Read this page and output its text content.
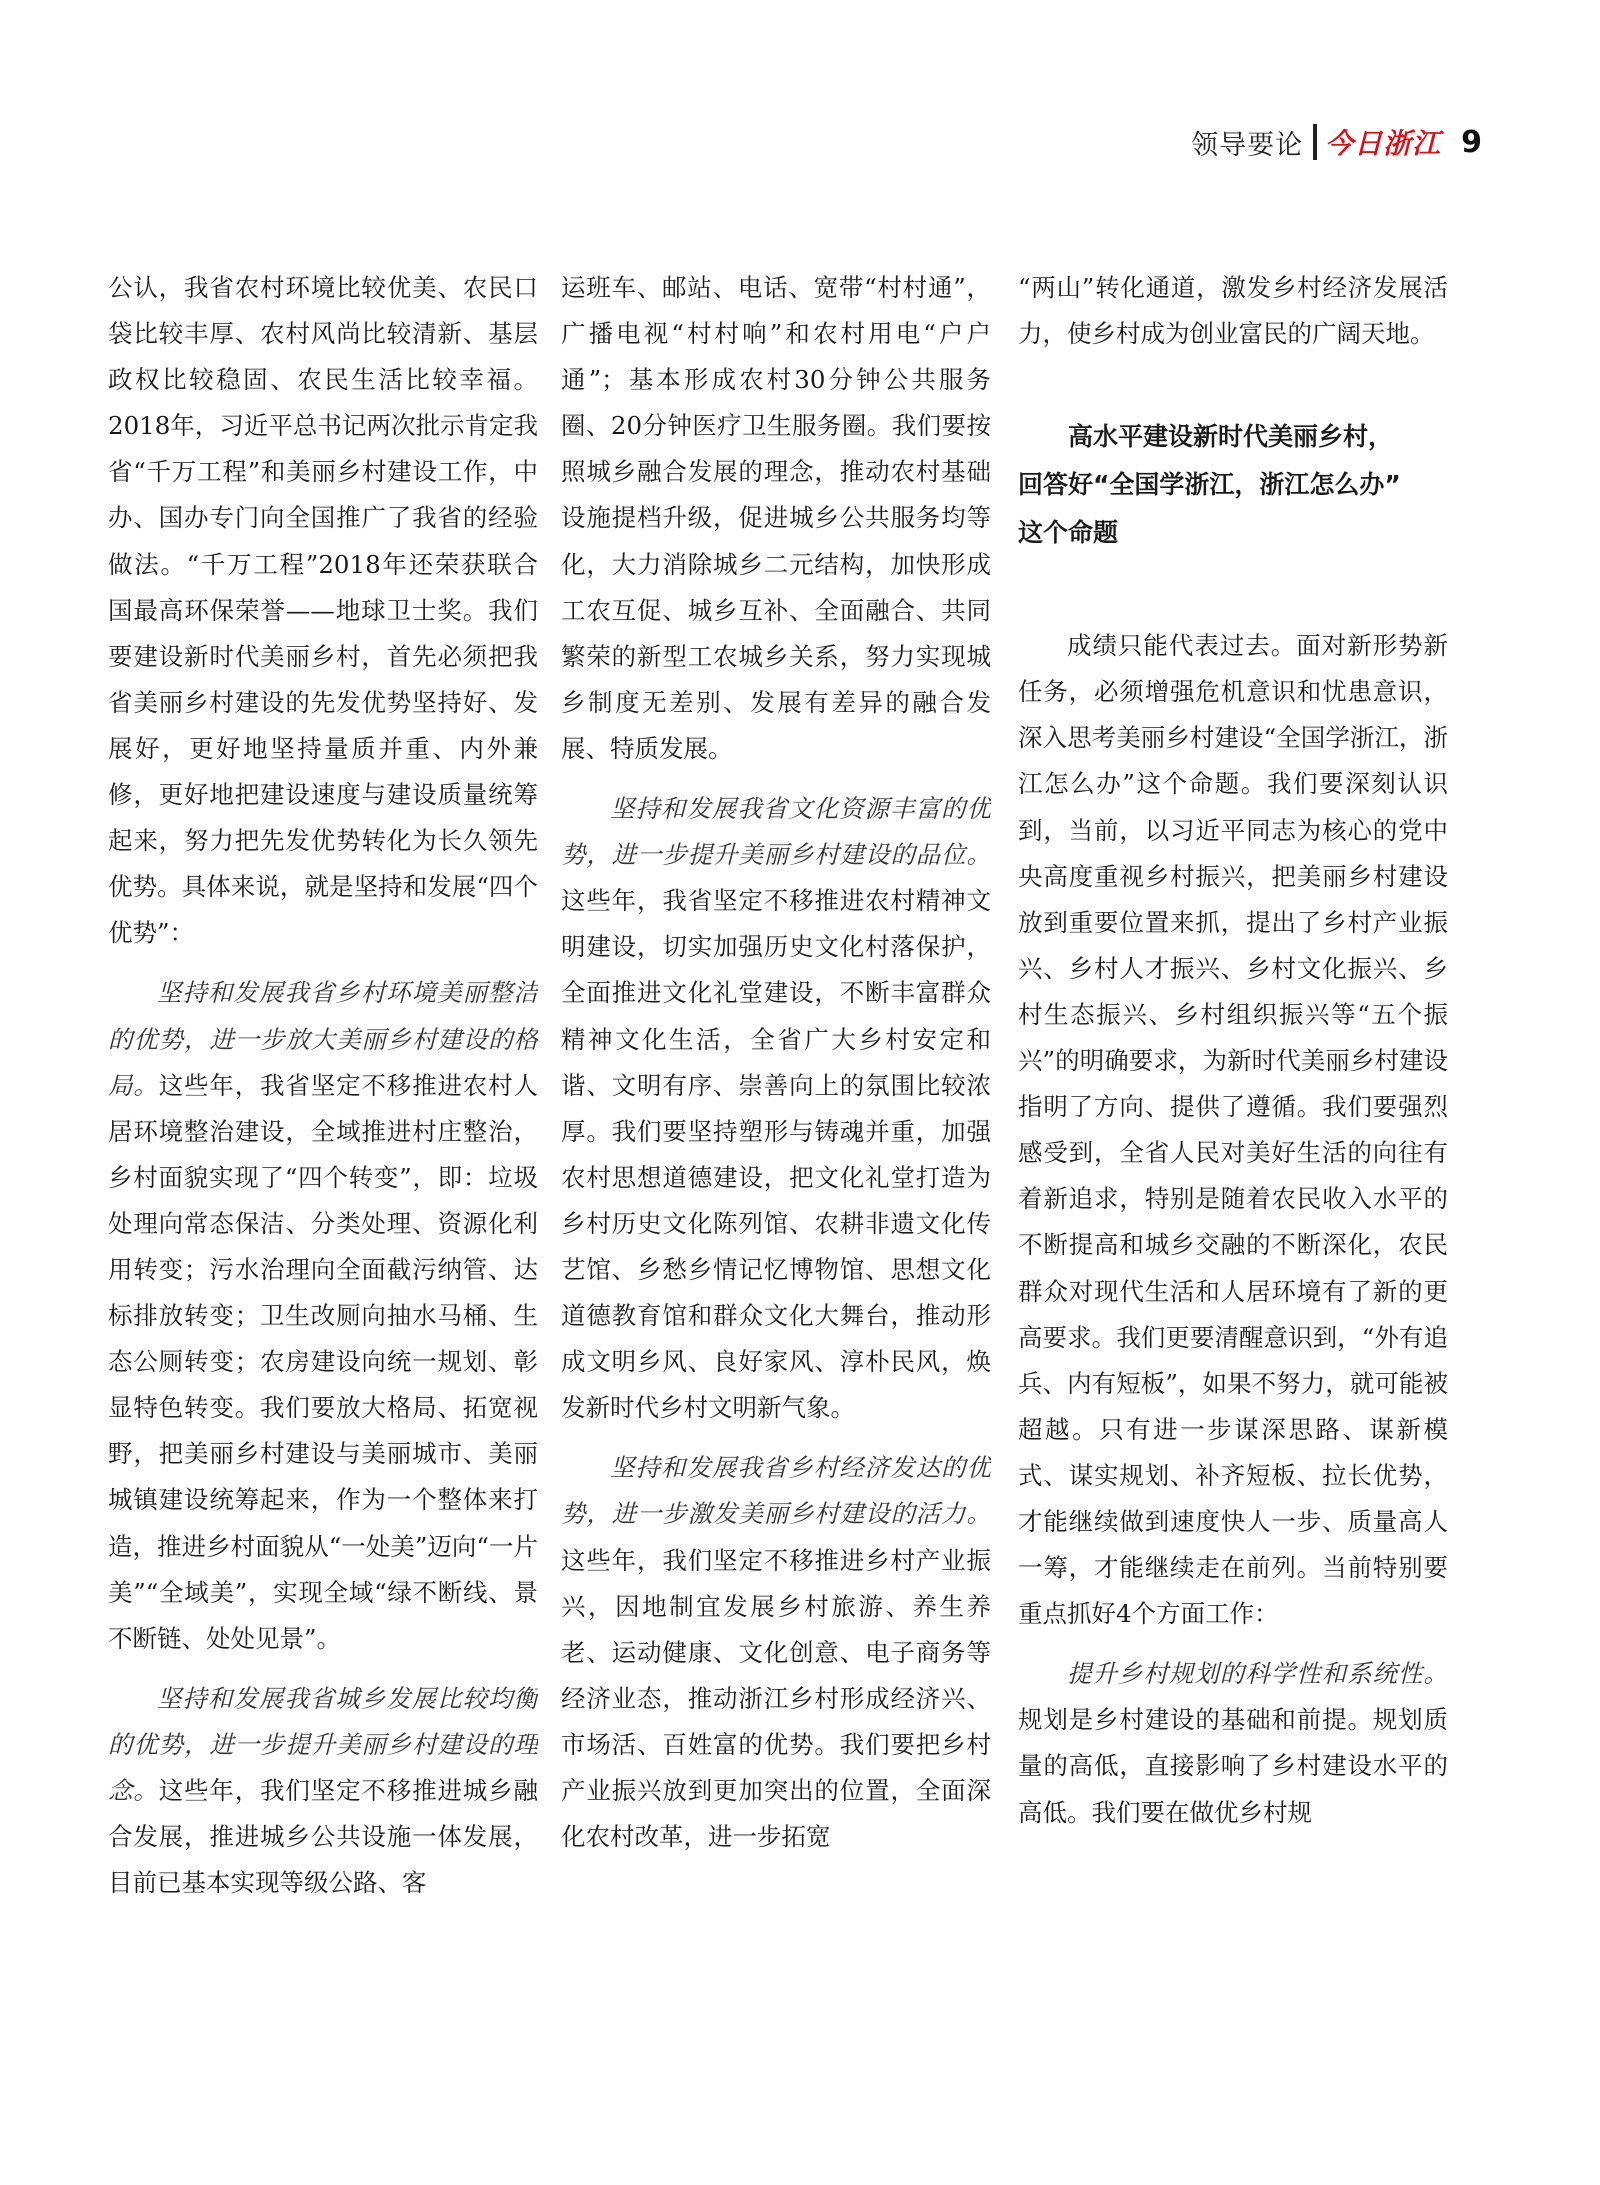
领导要论 今日浙江 9

公认，我省农村环境比较优美、农民口袋比较丰厚、农村风尚比较清新、基层政权比较稳固、农民生活比较幸福。2018年，习近平总书记两次批示肯定我省“千万工程”和美丽乡村建设工作，中办、国办专门向全国推广了我省的经验做法。“千万工程”2018年还荣获联合国最高环保荣誉——地球卫士奖。我们要建设新时代美丽乡村，首先必须把我省美丽乡村建设的先发优势坚持好、发展好，更好地坚持量质并重、内外兼修，更好地把建设速度与建设质量统筹起来，努力把先发优势转化为长久领先优势。具体来说，就是坚持和发展“四个优势”：

坚持和发展我省乡村环境美丽整洁的优势，进一步放大美丽乡村建设的格局。这些年，我省坚定不移推进农村人居环境整治建设，全域推进村庄整治，乡村面貌实现了“四个转变”，即：垃圾处理向常态保洁、分类处理、资源化利用转变；污水治理向全面截污纳管、达标排放转变；卫生改厕向抽水马桶、生态公厕转变；农房建设向统一规划、彰显特色转变。我们要放大格局、拓宽视野，把美丽乡村建设与美丽城市、美丽城镇建设统筹起来，作为一个整体来打造，推进乡村面貌从“一处美”迈向“一片美”“全域美”，实现全域“绿不断线、景不断链、处处见景”。

坚持和发展我省城乡发展比较均衡的优势，进一步提升美丽乡村建设的理念。这些年，我们坚定不移推进城乡融合发展，推进城乡公共设施一体发展，目前已基本实现等级公路、客

运班车、邮站、电话、宽带“村村通”，广播电视“村村响”和农村用电“户户通”；基本形成农村30分钟公共服务圈、20分钟医疗卫生服务圈。我们要按照城乡融合发展的理念，推动农村基础设施提档升级，促进城乡公共服务均等化，大力消除城乡二元结构，加快形成工农互促、城乡互补、全面融合、共同繁荣的新型工农城乡关系，努力实现城乡制度无差别、发展有差异的融合发展、特质发展。

坚持和发展我省文化资源丰富的优势，进一步提升美丽乡村建设的品位。这些年，我省坚定不移推进农村精神文明建设，切实加强历史文化村落保护，全面推进文化礼堂建设，不断丰富群众精神文化生活，全省广大乡村安定和谐、文明有序、崇善向上的氛围比较浓厚。我们要坚持塑形与铸魂并重，加强农村思想道德建设，把文化礼堂打造为乡村历史文化陈列馆、农耕非遗文化传艺馆、乡愁乡情记忆博物馆、思想文化道德教育馆和群众文化大舞台，推动形成文明乡风、良好家风、淳朴民风，焕发新时代乡村文明新气象。

坚持和发展我省乡村经济发达的优势，进一步激发美丽乡村建设的活力。这些年，我们坚定不移推进乡村产业振兴，因地制宜发展乡村旅游、养生养老、运动健康、文化创意、电子商务等经济业态，推动浙江乡村形成经济兴、市场活、百姓富的优势。我们要把乡村产业振兴放到更加突出的位置，全面深化农村改革，进一步拓宽

“两山”转化通道，激发乡村经济发展活力，使乡村成为创业富民的广阔天地。

高水平建设新时代美丽乡村，
回答好“全国学浙江，浙江怎么办”
这个命题

成绩只能代表过去。面对新形势新任务，必须增强危机意识和忧患意识，深入思考美丽乡村建设“全国学浙江，浙江怎么办”这个命题。我们要深刻认识到，当前，以习近平同志为核心的党中央高度重视乡村振兴，把美丽乡村建设放到重要位置来抓，提出了乡村产业振兴、乡村人才振兴、乡村文化振兴、乡村生态振兴、乡村组织振兴等“五个振兴”的明确要求，为新时代美丽乡村建设指明了方向、提供了遵循。我们要强烈感受到，全省人民对美好生活的向往有着新追求，特别是随着农民收入水平的不断提高和城乡交融的不断深化，农民群众对现代生活和人居环境有了新的更高要求。我们更要清醒意识到，“外有追兵、内有短板”，如果不努力，就可能被超越。只有进一步谋深思路、谋新模式、谋实规划、补齐短板、拉长优势，才能继续做到速度快人一步、质量高人一筹，才能继续走在前列。当前特别要重点抓好4个方面工作：

提升乡村规划的科学性和系统性。规划是乡村建设的基础和前提。规划质量的高低，直接影响了乡村建设水平的高低。我们要在做优乡村规
